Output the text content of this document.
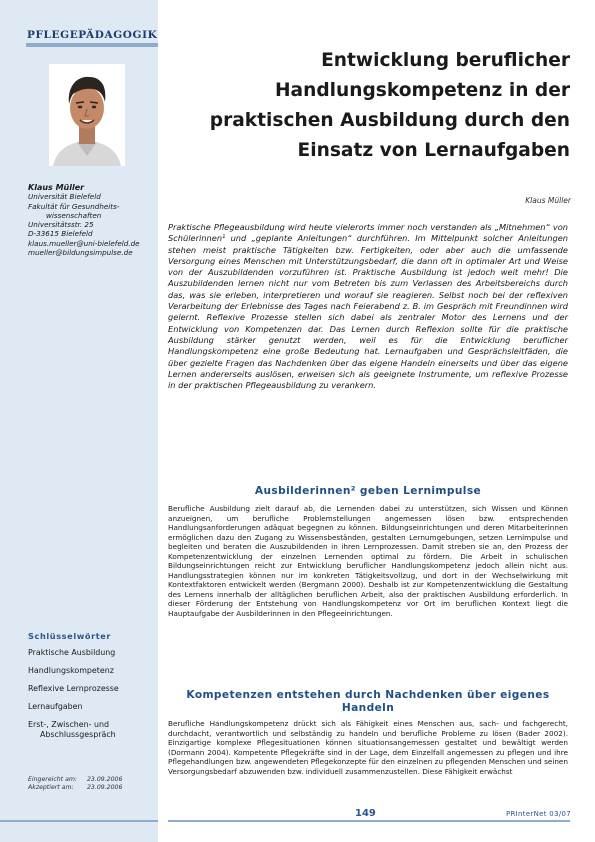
PFLEGEPÄDAGOGIK
Klaus Müller
Universität Bielefeld
Fakultät für Gesundheits-
wissenschaften
Universitätsstr. 25
D-33615 Bielefeld
klaus.mueller@uni-bielefeld.de
mueller@bildungsimpulse.de
Schlüsselwörter
Praktische Ausbildung
Handlungskompetenz
Reflexive Lernprozesse
Lernaufgaben
Erst-, Zwischen- und
Abschlussgespräch
Eingereicht am:	23.09.2006
Akzeptiert am:	23.09.2006
Entwicklung beruflicher Handlungskompetenz in der praktischen Ausbildung durch den Einsatz von Lernaufgaben
Klaus Müller

Praktische Pflegeausbildung wird heute vielerorts immer noch verstanden als „Mitnehmen“ von Schülerinnen¹ und „geplante Anleitungen“ durchführen. Im Mittelpunkt solcher Anleitungen stehen meist praktische Tätigkeiten bzw. Fertigkeiten, oder aber auch die umfassende Versorgung eines Menschen mit Unterstützungsbedarf, die dann oft in optimaler Art und Weise von der Auszubildenden vorzuführen ist. Praktische Ausbildung ist jedoch weit mehr! Die Auszubildenden lernen nicht nur vom Betreten bis zum Verlassen des Arbeitsbereichs durch das, was sie erleben, interpretieren und worauf sie reagieren. Selbst noch bei der reflexiven Verarbeitung der Erlebnisse des Tages nach Feierabend z. B. im Gespräch mit Freundinnen wird gelernt. Reflexive Prozesse stellen sich dabei als zentraler Motor des Lernens und der Entwicklung von Kompetenzen dar. Das Lernen durch Reflexion sollte für die praktische Ausbildung stärker genutzt werden, weil es für die Entwicklung beruflicher Handlungskompetenz eine große Bedeutung hat. Lernaufgaben und Gesprächsleitfäden, die über gezielte Fragen das Nachdenken über das eigene Handeln einerseits und über das eigene Lernen andererseits auslösen, erweisen sich als geeignete Instrumente, um reflexive Prozesse in der praktischen Pflegeausbildung zu verankern.

Ausbilderinnen² geben Lernimpulse

Berufliche Ausbildung zielt darauf ab, die Lernenden dabei zu unterstützen, sich Wissen und Können anzueignen, um berufliche Problemstellungen angemessen lösen bzw. entsprechenden Handlungsanforderungen adäquat begegnen zu können. Bildungseinrichtungen und deren Mitarbeiterinnen ermöglichen dazu den Zugang zu Wissensbeständen, gestalten Lernumgebungen, setzen Lernimpulse und begleiten und beraten die Auszubildenden in ihren Lernprozessen. Damit streben sie an, den Prozess der Kompetenzentwicklung der einzelnen Lernenden optimal zu fördern. Die Arbeit in schulischen Bildungseinrichtungen reicht zur Entwicklung beruflicher Handlungskompetenz jedoch allein nicht aus. Handlungsstrategien können nur im konkreten Tätigkeitsvollzug, und dort in der Wechselwirkung mit Kontextfaktoren entwickelt werden (Bergmann 2000). Deshalb ist zur Kompetenzentwicklung die Gestaltung des Lernens innerhalb der alltäglichen beruflichen Arbeit, also der praktischen Ausbildung erforderlich. In dieser Förderung der Entstehung von Handlungskompetenz vor Ort im beruflichen Kontext liegt die Hauptaufgabe der Ausbilderinnen in den Pflegeeinrichtungen.

Kompetenzen entstehen durch Nachdenken über eigenes Handeln

Berufliche Handlungskompetenz drückt sich als Fähigkeit eines Menschen aus, sach- und fachgerecht, durchdacht, verantwortlich und selbständig zu handeln und berufliche Probleme zu lösen (Bader 2002). Einzigartige komplexe Pflegesituationen können situationsangemessen gestaltet und bewältigt werden (Dormann 2004). Kompetente Pflegekräfte sind in der Lage, dem Einzelfall angemessen zu pflegen und ihre Pflegehandlungen bzw. angewendeten Pflegekonzepte für den einzelnen zu pflegenden Menschen und seinen Versorgungsbedarf abzuwenden bzw. individuell zusammenzustellen. Diese Fähigkeit erwächst

149	PRInterNet 03/07
